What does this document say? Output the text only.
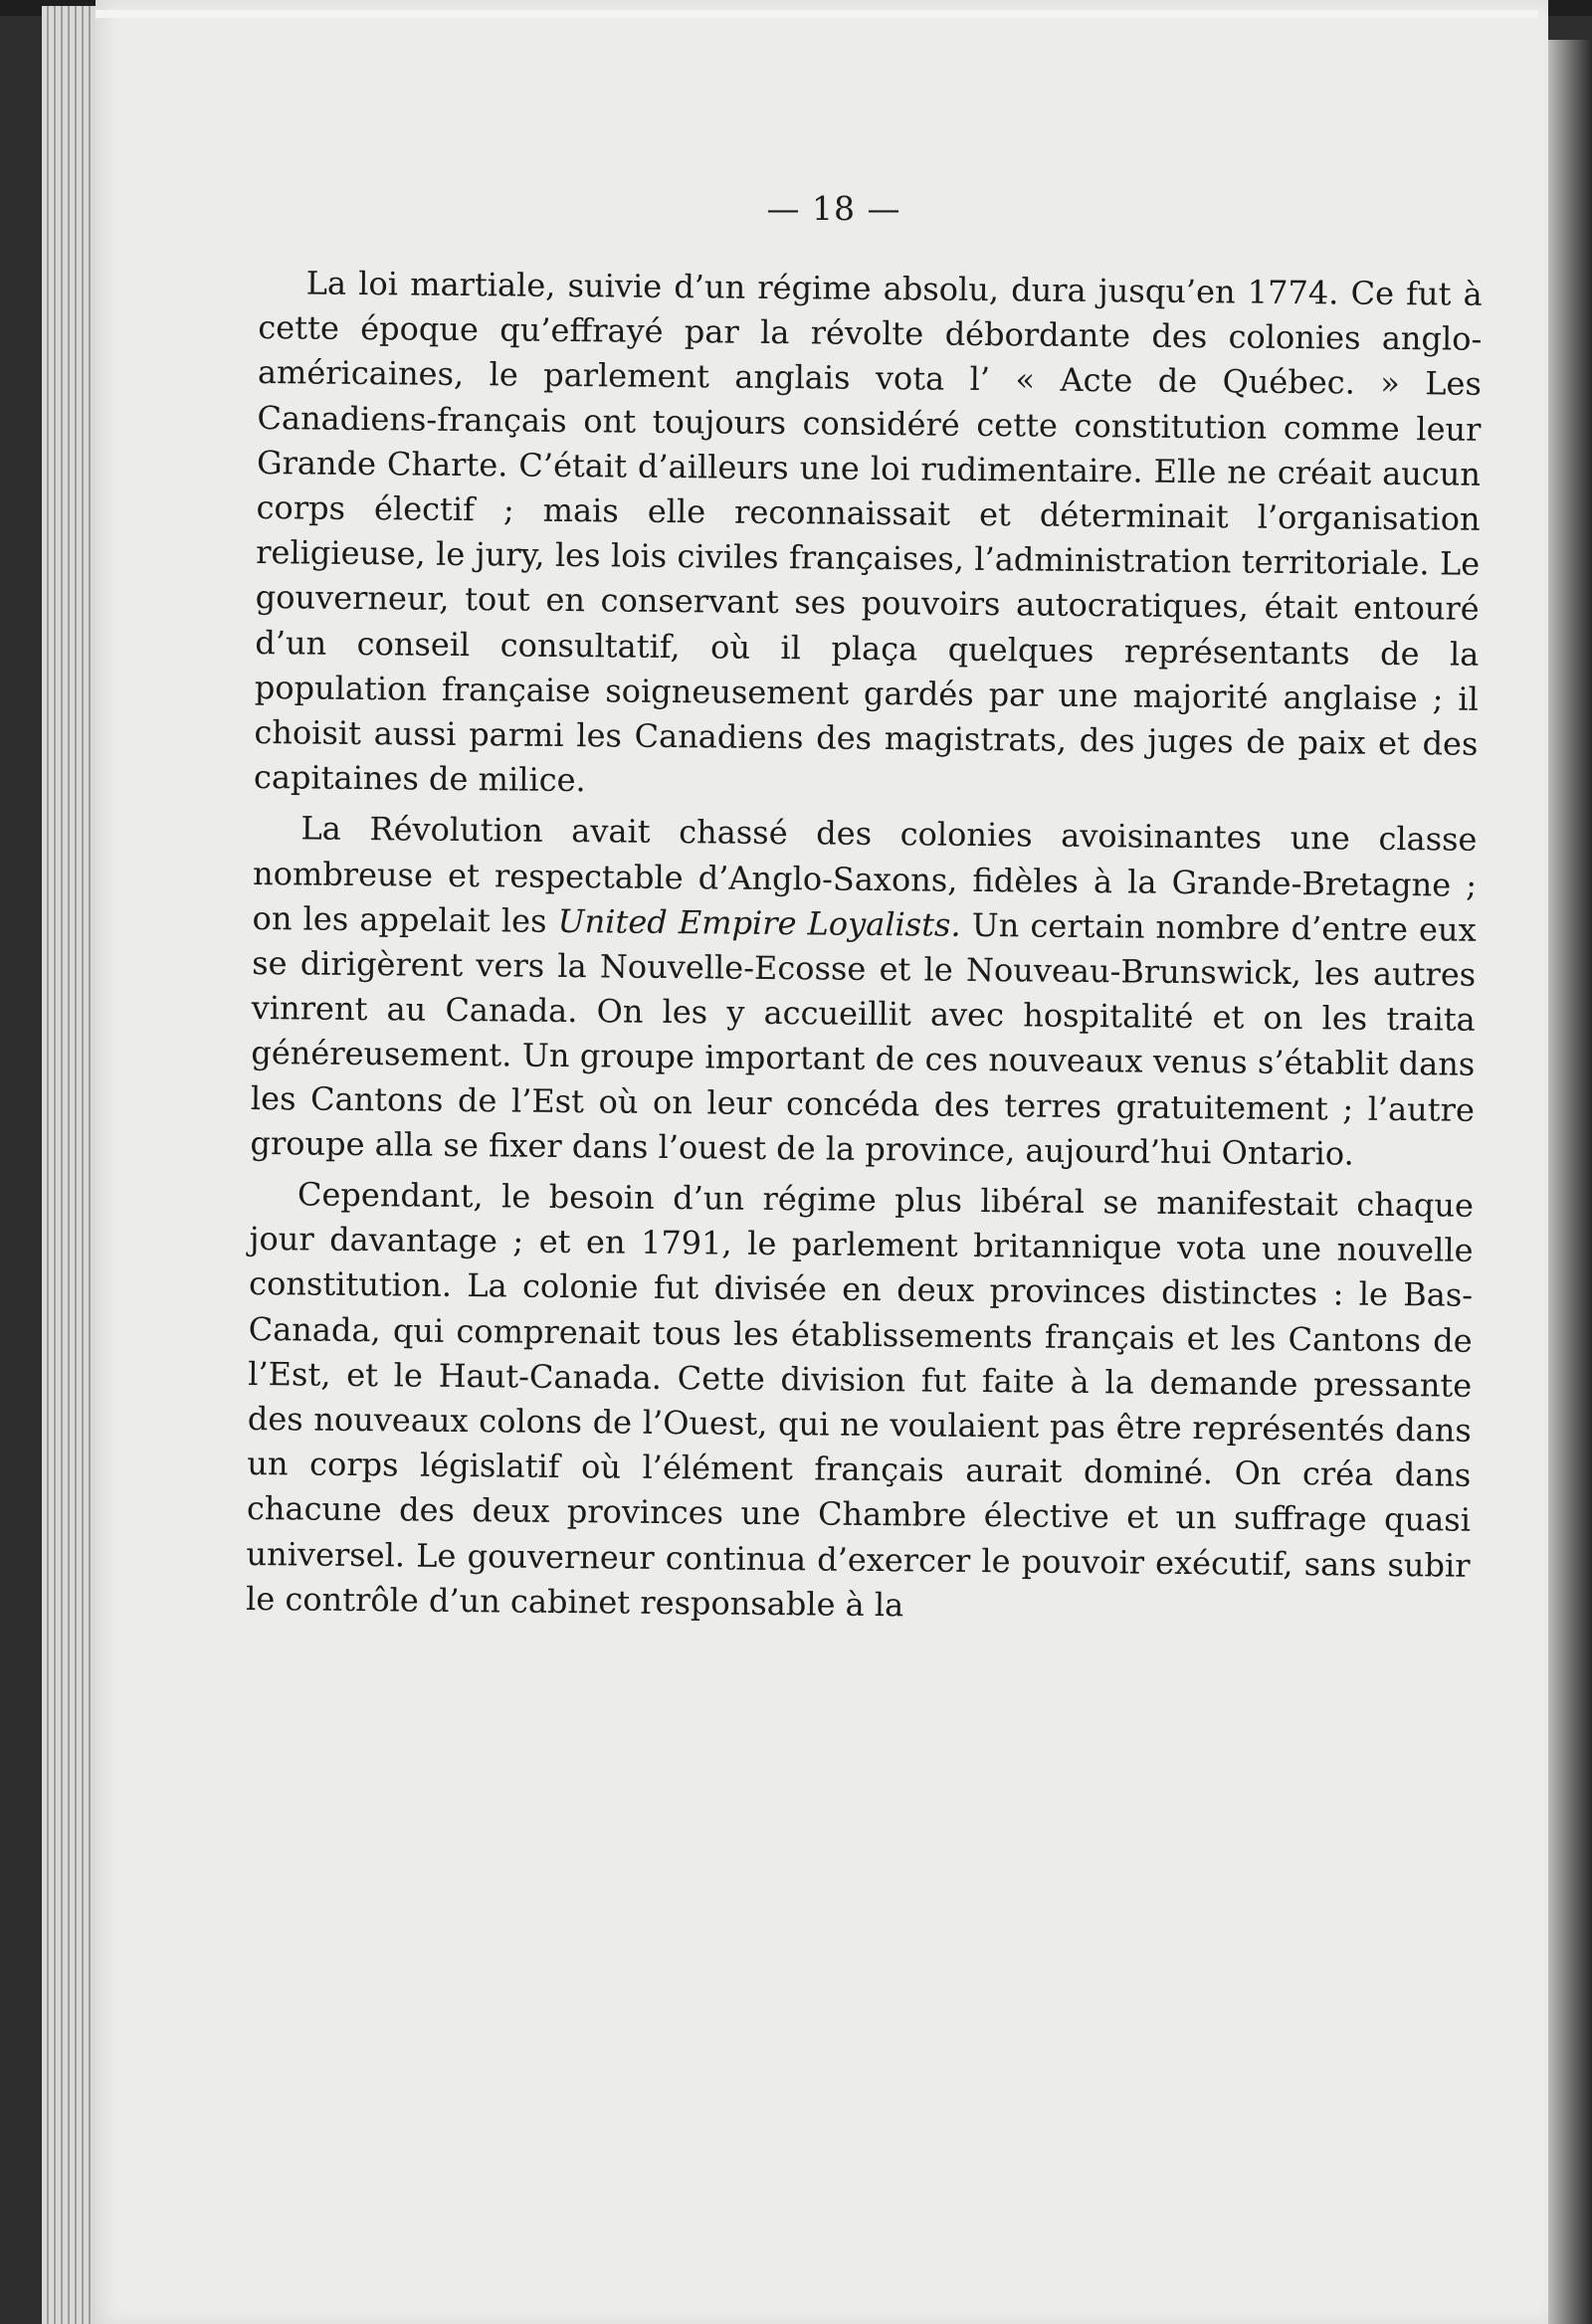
— 18 —

La loi martiale, suivie d’un régime absolu, dura jusqu’en 1774. Ce fut à cette époque qu’effrayé par la révolte débordante des colonies anglo-américaines, le parlement anglais vota l’ « Acte de Québec. » Les Canadiens-français ont toujours considéré cette constitution comme leur Grande Charte. C’était d’ailleurs une loi rudimentaire. Elle ne créait aucun corps électif ; mais elle reconnaissait et déterminait l’organisation religieuse, le jury, les lois civiles françaises, l’administration territoriale. Le gouverneur, tout en conservant ses pouvoirs autocratiques, était entouré d’un conseil consultatif, où il plaça quelques représentants de la population française soigneusement gardés par une majorité anglaise ; il choisit aussi parmi les Canadiens des magistrats, des juges de paix et des capitaines de milice.

La Révolution avait chassé des colonies avoisinantes une classe nombreuse et respectable d’Anglo-Saxons, fidèles à la Grande-Bretagne ; on les appelait les United Empire Loyalists. Un certain nombre d’entre eux se dirigèrent vers la Nouvelle-Ecosse et le Nouveau-Brunswick, les autres vinrent au Canada. On les y accueillit avec hospitalité et on les traita généreusement. Un groupe important de ces nouveaux venus s’établit dans les Cantons de l’Est où on leur concéda des terres gratuitement ; l’autre groupe alla se fixer dans l’ouest de la province, aujourd’hui Ontario.

Cependant, le besoin d’un régime plus libéral se manifestait chaque jour davantage ; et en 1791, le parlement britannique vota une nouvelle constitution. La colonie fut divisée en deux provinces distinctes : le Bas-Canada, qui comprenait tous les établissements français et les Cantons de l’Est, et le Haut-Canada. Cette division fut faite à la demande pressante des nouveaux colons de l’Ouest, qui ne voulaient pas être représentés dans un corps législatif où l’élément français aurait dominé. On créa dans chacune des deux provinces une Chambre élective et un suffrage quasi universel. Le gouverneur continua d’exercer le pouvoir exécutif, sans subir le contrôle d’un cabinet responsable à la
